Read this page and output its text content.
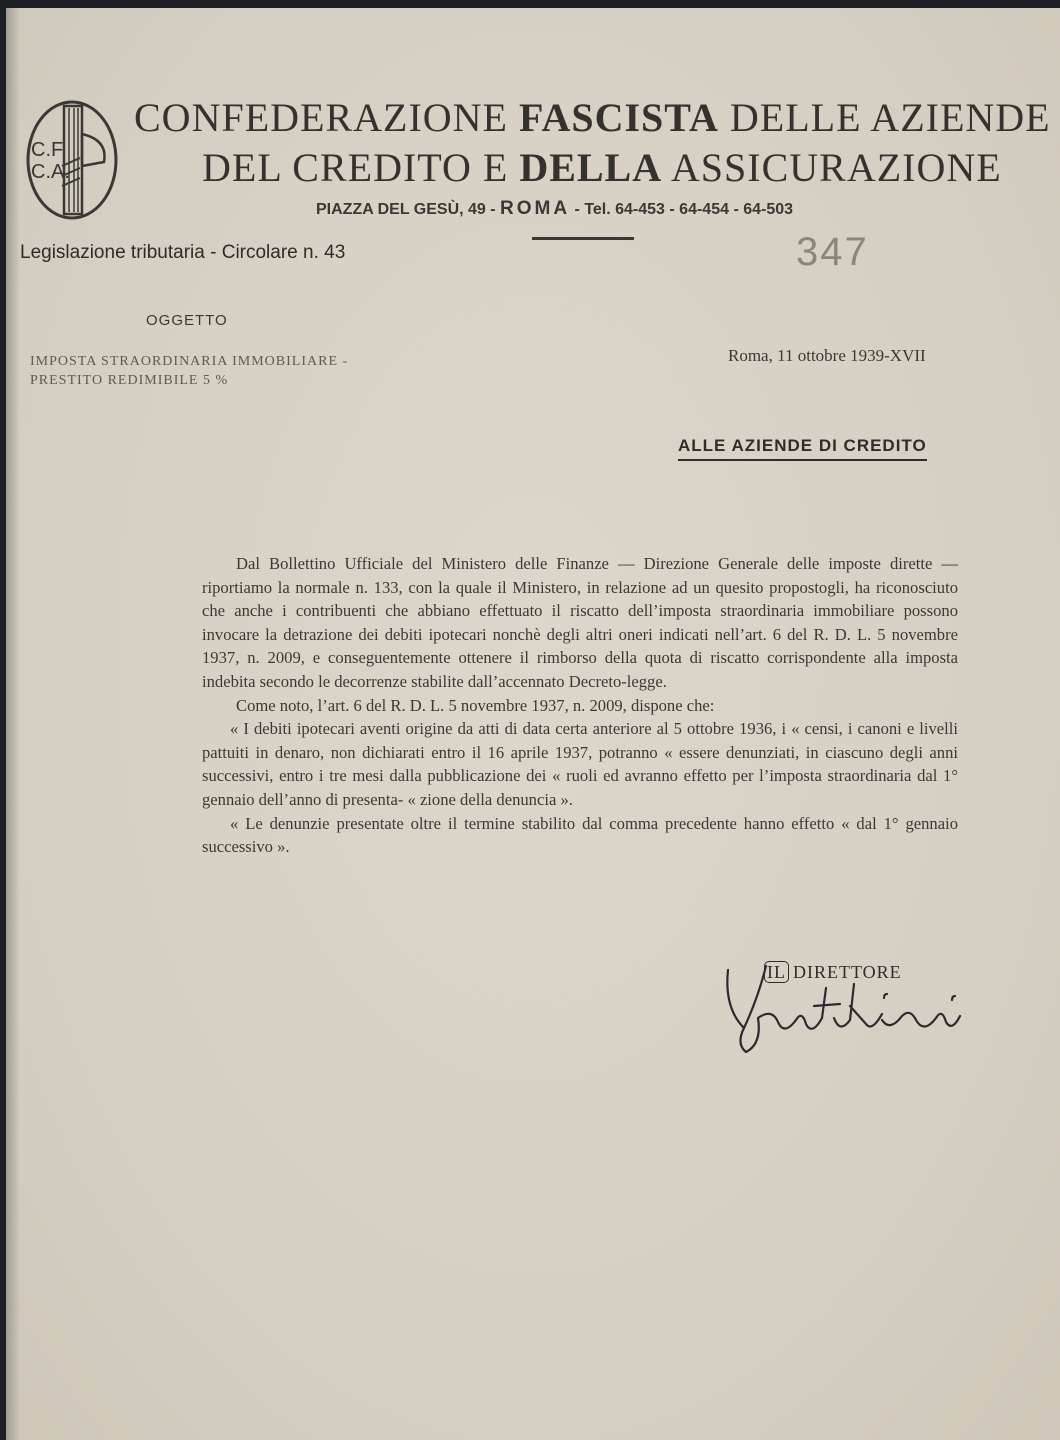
C.F.
C.A.
CONFEDERAZIONE FASCISTA DELLE AZIENDE
DEL CREDITO E DELLA ASSICURAZIONE
PIAZZA DEL GESÙ, 49 - ROMA - Tel. 64-453 - 64-454 - 64-503
Legislazione tributaria - Circolare n. 43	347
OGGETTO
IMPOSTA STRAORDINARIA IMMOBILIARE -
PRESTITO REDIMIBILE 5 %
Roma, 11 ottobre 1939-XVII
ALLE AZIENDE DI CREDITO

Dal Bollettino Ufficiale del Ministero delle Finanze — Direzione Generale delle imposte dirette — riportiamo la normale n. 133, con la quale il Ministero, in relazione ad un quesito propostogli, ha riconosciuto che anche i contribuenti che abbiano effettuato il riscatto dell’imposta straordinaria immobiliare possono invocare la detrazione dei debiti ipotecari nonchè degli altri oneri indicati nell’art. 6 del R. D. L. 5 novembre 1937, n. 2009, e conseguentemente ottenere il rimborso della quota di riscatto corrispondente alla imposta indebita secondo le decorrenze stabilite dall’accennato Decreto-legge.

Come noto, l’art. 6 del R. D. L. 5 novembre 1937, n. 2009, dispone che:

« I debiti ipotecari aventi origine da atti di data certa anteriore al 5 ottobre 1936, i « censi, i canoni e livelli pattuiti in denaro, non dichiarati entro il 16 aprile 1937, potranno « essere denunziati, in ciascuno degli anni successivi, entro i tre mesi dalla pubblicazione dei « ruoli ed avranno effetto per l’imposta straordinaria dal 1° gennaio dell’anno di presenta- « zione della denuncia ».

« Le denunzie presentate oltre il termine stabilito dal comma precedente hanno effetto « dal 1° gennaio successivo ».

IL DIRETTORE
Giustiniani
